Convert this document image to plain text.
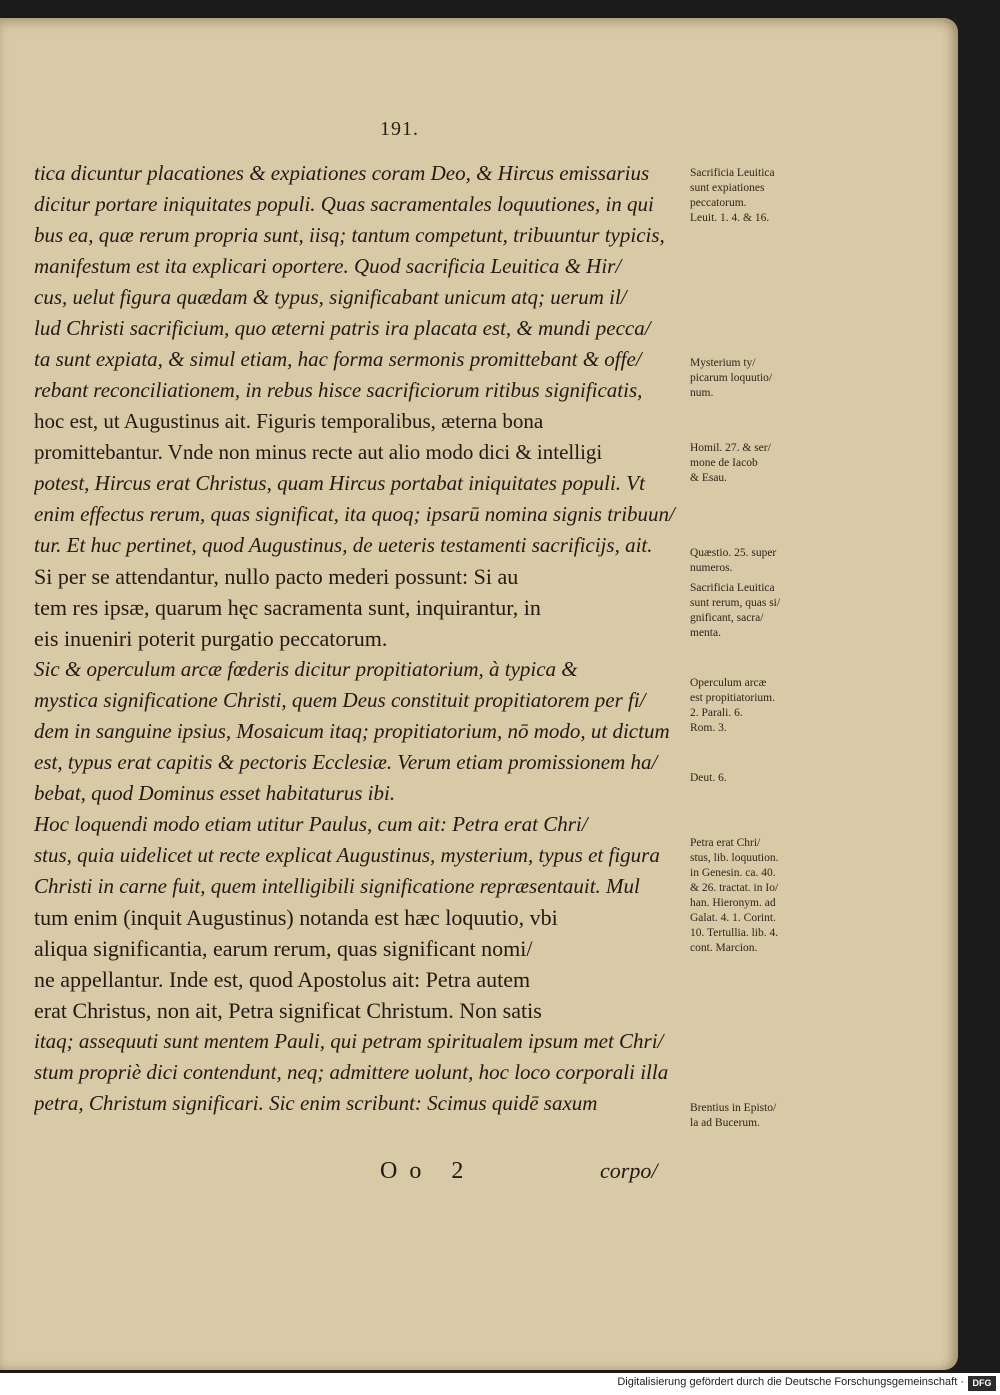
191.
tica dicuntur placationes & expiationes coram Deo, & Hircus emissarius
dicitur portare iniquitates populi. Quas sacramentales loquutiones, in qui
bus ea, quæ rerum propria sunt, iisq; tantum competunt, tribuuntur typicis,
manifestum est ita explicari oportere. Quod sacrificia Leuitica & Hir/
cus, uelut figura quædam & typus, significabant unicum atq; uerum il/
lud Christi sacrificium, quo æterni patris ira placata est, & mundi pecca/
ta sunt expiata, & simul etiam, hac forma sermonis promittebant & offe/
rebant reconciliationem, in rebus hisce sacrificiorum ritibus significatis,
hoc est, ut Augustinus ait. Figuris temporalibus, æterna bona
promittebantur. Vnde non minus recte aut alio modo dici & intelligi
potest, Hircus erat Christus, quam Hircus portabat iniquitates populi. Vt
enim effectus rerum, quas significat, ita quoq; ipsarū nomina signis tribuun/
tur. Et huc pertinet, quod Augustinus, de ueteris testamenti sacrificijs, ait.
Si per se attendantur, nullo pacto mederi possunt: Si au
tem res ipsæ, quarum hęc sacramenta sunt, inquirantur, in
eis inueniri poterit purgatio peccatorum.
Sic & operculum arcæ fœderis dicitur propitiatorium, à typica &
mystica significatione Christi, quem Deus constituit propitiatorem per fi/
dem in sanguine ipsius, Mosaicum itaq; propitiatorium, nō modo, ut dictum
est, typus erat capitis & pectoris Ecclesiæ. Verum etiam promissionem ha/
bebat, quod Dominus esset habitaturus ibi.
Hoc loquendi modo etiam utitur Paulus, cum ait: Petra erat Chri/
stus, quia uidelicet ut recte explicat Augustinus, mysterium, typus et figura
Christi in carne fuit, quem intelligibili significatione repræsentauit. Mul
tum enim (inquit Augustinus) notanda est hæc loquutio, vbi
aliqua significantia, earum rerum, quas significant nomi/
ne appellantur. Inde est, quod Apostolus ait: Petra autem
erat Christus, non ait, Petra significat Christum. Non satis
itaq; assequuti sunt mentem Pauli, qui petram spiritualem ipsum met Chri/
stum propriè dici contendunt, neq; admittere uolunt, hoc loco corporali illa
petra, Christum significari. Sic enim scribunt: Scimus quidē saxum
Sacrificia Leuitica
sunt expiationes
peccatorum.
Leuit. 1. 4. & 16.
Mysterium ty/
picarum loquutio/
num.
Homil. 27. & ser/
mone de Iacob
& Esau.
Quæstio. 25. super
numeros.
Sacrificia Leuitica
sunt rerum, quas si/
gnificant, sacra/
menta.
Operculum arcæ
est propitiatorium.
2. Parali. 6.
Rom. 3.
Deut. 6.
Petra erat Chri/
stus, lib. loquution.
in Genesin. ca. 40.
& 26. tractat. in Io/
han. Hieronym. ad
Galat. 4. 1. Corint.
10. Tertullia. lib. 4.
cont. Marcion.
Brentius in Episto/
la ad Bucerum.
Oo 2	corpo/
Digitalisierung gefördert durch die Deutsche Forschungsgemeinschaft · DFG
